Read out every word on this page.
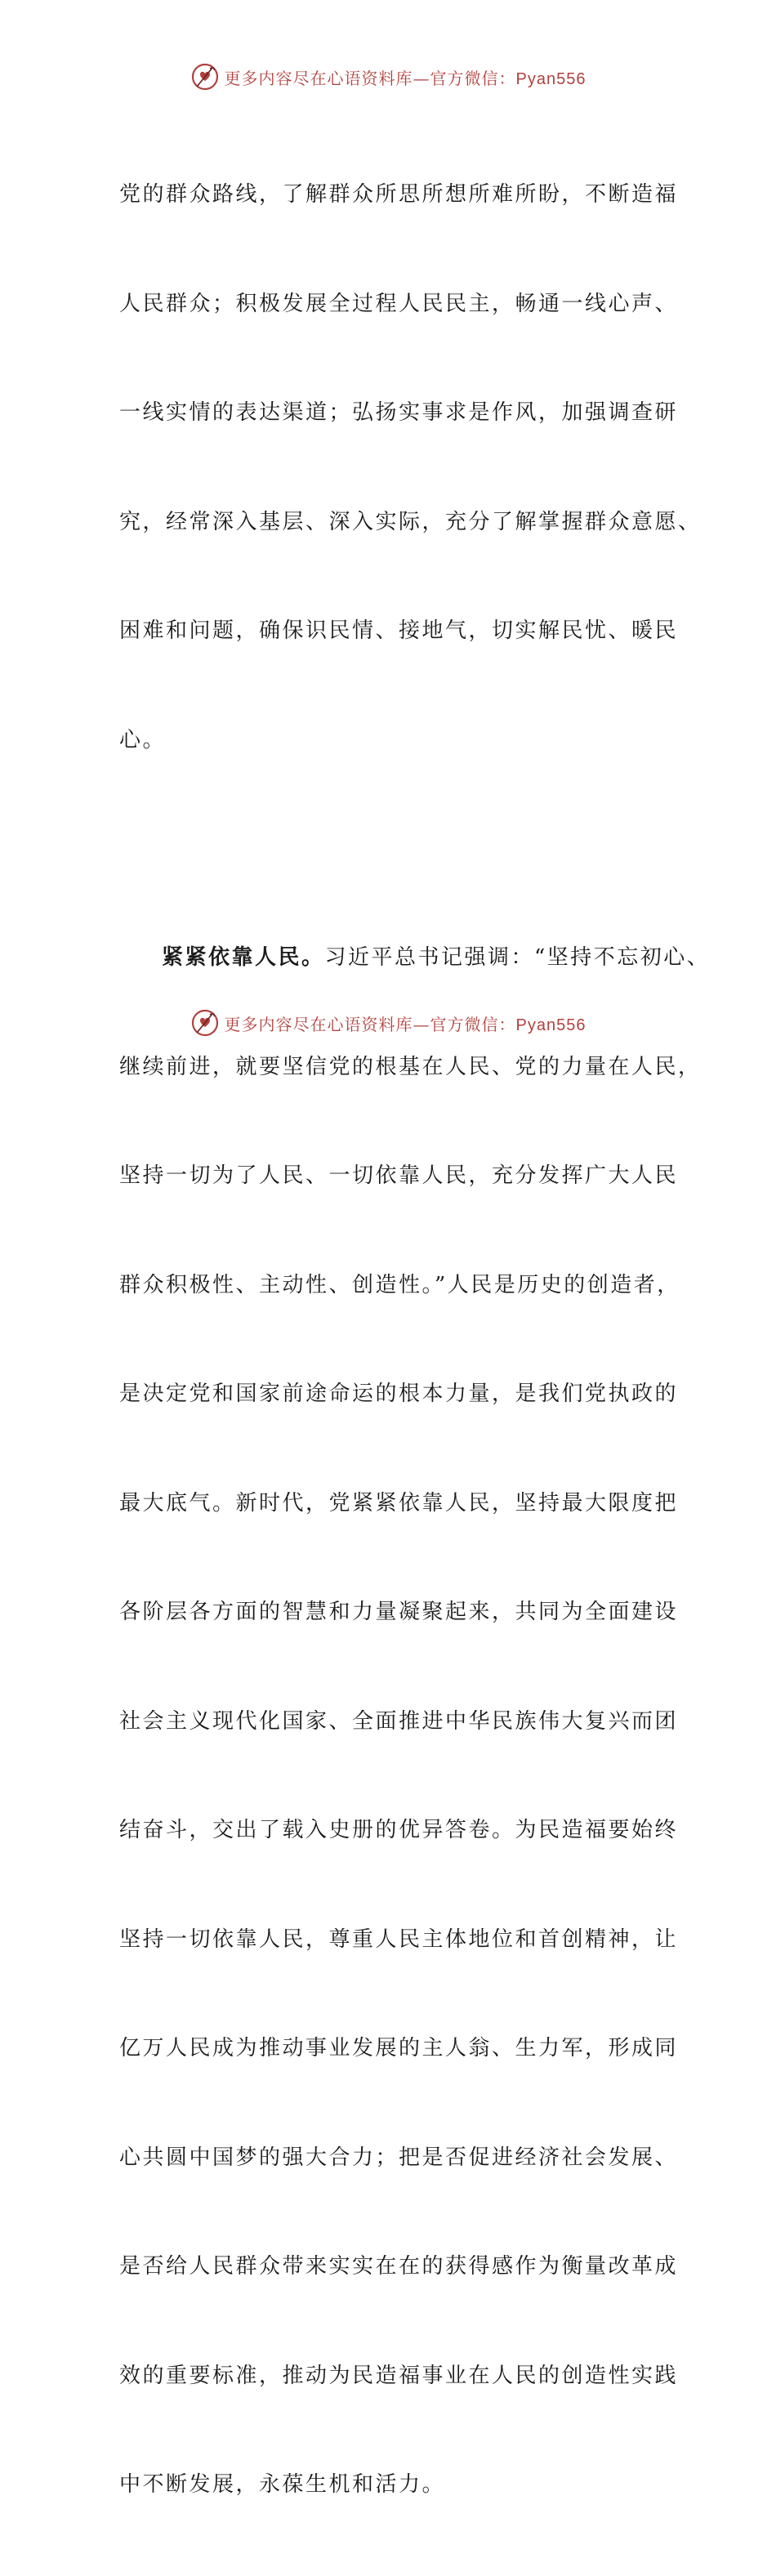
更多内容尽在心语资料库—官方微信：Pyan556

党的群众路线，了解群众所思所想所难所盼，不断造福

人民群众；积极发展全过程人民民主，畅通一线心声、

一线实情的表达渠道；弘扬实事求是作风，加强调查研

究，经常深入基层、深入实际，充分了解掌握群众意愿、

困难和问题，确保识民情、接地气，切实解民忧、暖民

心。

紧紧依靠人民。习近平总书记强调：“坚持不忘初心、

继续前进，就要坚信党的根基在人民、党的力量在人民，

坚持一切为了人民、一切依靠人民，充分发挥广大人民

群众积极性、主动性、创造性。”人民是历史的创造者，

是决定党和国家前途命运的根本力量，是我们党执政的

最大底气。新时代，党紧紧依靠人民，坚持最大限度把

各阶层各方面的智慧和力量凝聚起来，共同为全面建设

社会主义现代化国家、全面推进中华民族伟大复兴而团

结奋斗，交出了载入史册的优异答卷。为民造福要始终

坚持一切依靠人民，尊重人民主体地位和首创精神，让

亿万人民成为推动事业发展的主人翁、生力军，形成同

心共圆中国梦的强大合力；把是否促进经济社会发展、

是否给人民群众带来实实在在的获得感作为衡量改革成

效的重要标准，推动为民造福事业在人民的创造性实践

中不断发展，永葆生机和活力。

更多内容尽在心语资料库—官方微信：Pyan556
